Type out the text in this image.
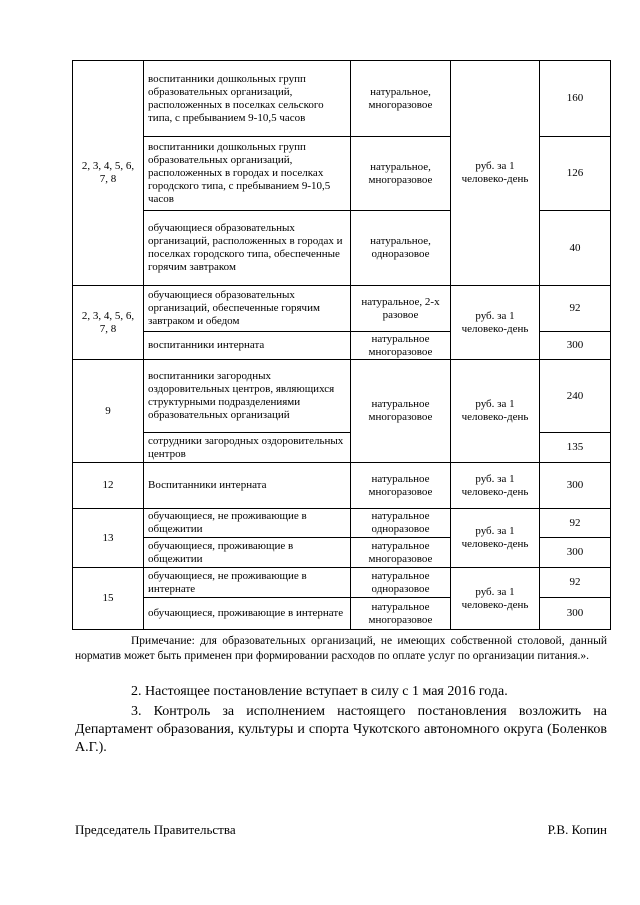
2, 3, 4, 5, 6, 7, 8	воспитанники дошкольных групп образовательных организаций, расположенных в поселках сельского типа, с пребыванием 9-10,5 часов	натуральное, многоразовое	руб. за 1 человеко-день	160
	воспитанники дошкольных групп образовательных организаций, расположенных в городах и поселках городского типа, с пребыванием 9-10,5 часов	натуральное, многоразовое		126
	обучающиеся образовательных организаций, расположенных в городах и поселках городского типа, обеспеченные горячим завтраком	натуральное, одноразовое		40
2, 3, 4, 5, 6, 7, 8	обучающиеся образовательных организаций, обеспеченные горячим завтраком и обедом	натуральное, 2-х разовое	руб. за 1 человеко-день	92
	воспитанники интерната	натуральное многоразовое		300
9	воспитанники загородных оздоровительных центров, являющихся структурными подразделениями образовательных организаций	натуральное многоразовое	руб. за 1 человеко-день	240
	сотрудники загородных оздоровительных центров			135
12	Воспитанники интерната	натуральное многоразовое	руб. за 1 человеко-день	300
13	обучающиеся, не проживающие в общежитии	натуральное одноразовое	руб. за 1 человеко-день	92
	обучающиеся, проживающие в общежитии	натуральное многоразовое		300
15	обучающиеся, не проживающие в интернате	натуральное одноразовое	руб. за 1 человеко-день	92
	обучающиеся, проживающие в интернате	натуральное многоразовое		300
Примечание: для образовательных организаций, не имеющих собственной столовой, данный норматив может быть применен при формировании расходов по оплате услуг по организации питания.».
2. Настоящее постановление вступает в силу с 1 мая 2016 года.
3. Контроль за исполнением настоящего постановления возложить на Департамент образования, культуры и спорта Чукотского автономного округа (Боленков А.Г.).
Председатель Правительства	Р.В. Копин
